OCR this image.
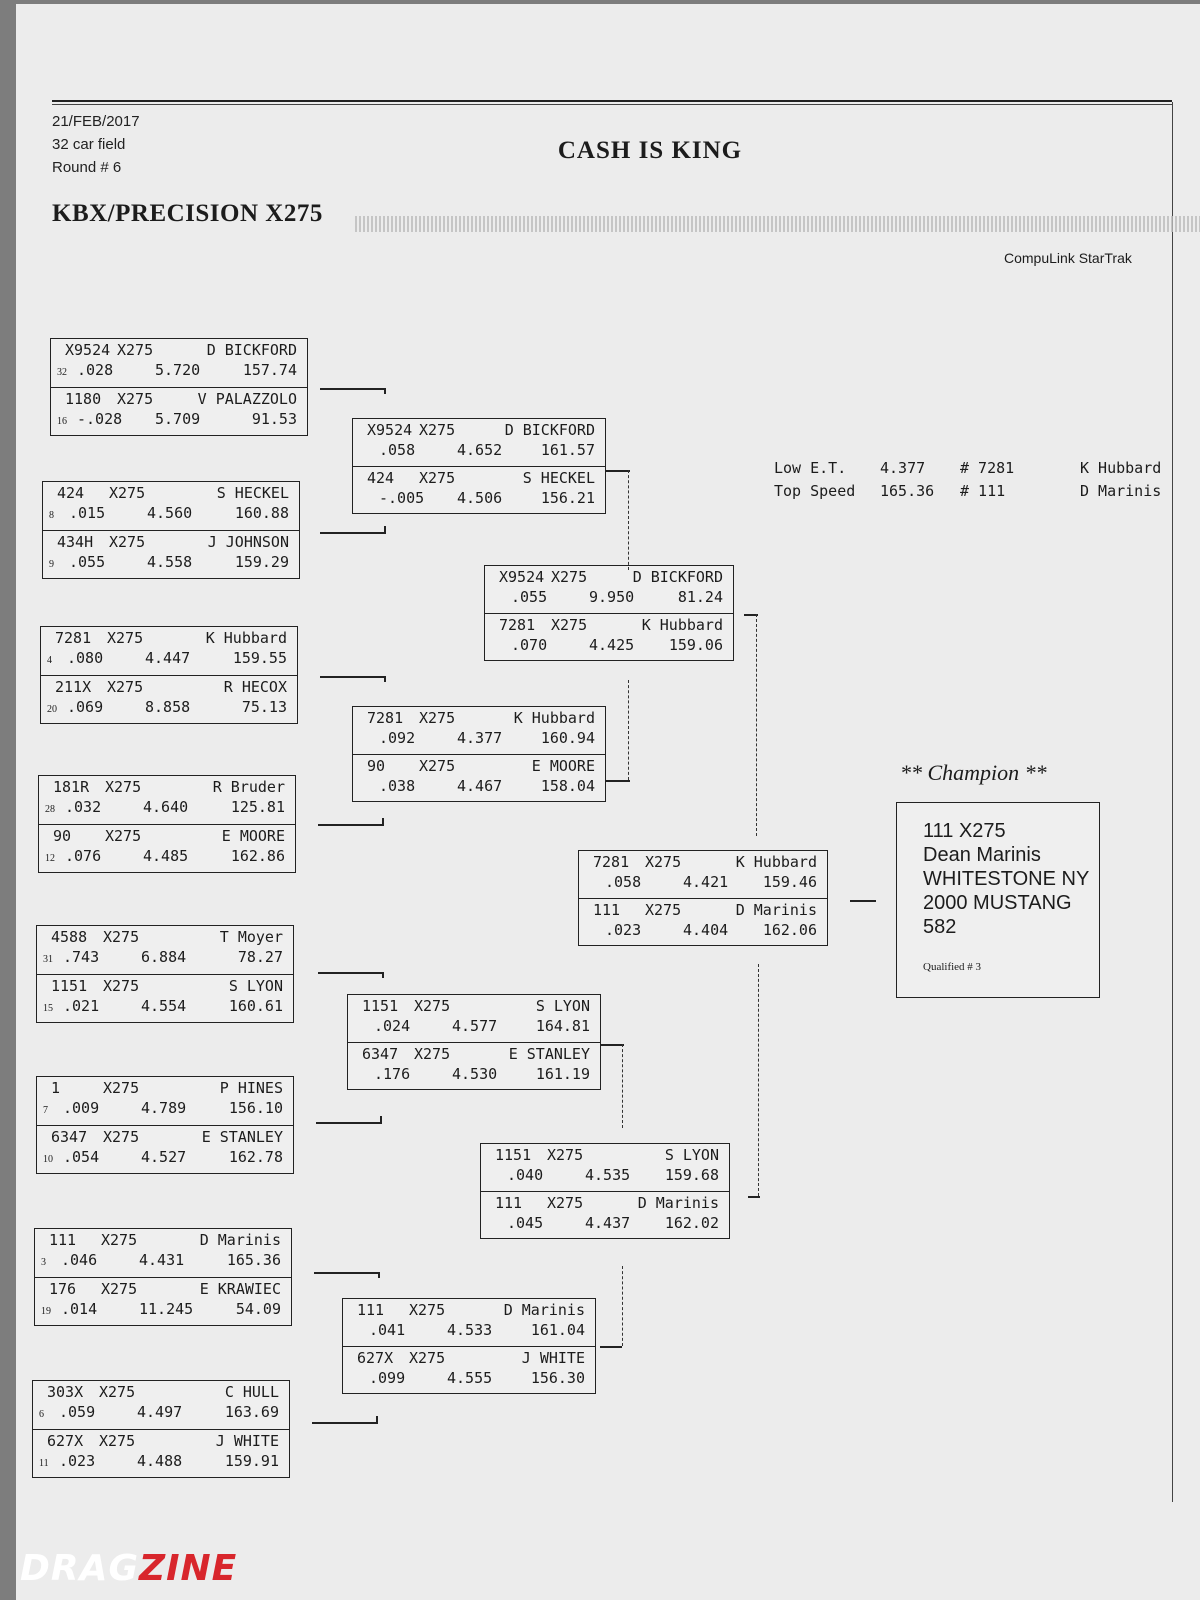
21/FEB/2017
32 car field
Round # 6
CASH IS KING
KBX/PRECISION X275
CompuLink StarTrak
X9524 X275	D BICKFORD
32 .028	5.720	157.74
1180 X275	V PALAZZOLO
16 -.028 5.709	91.53
424 X275	S HECKEL
8 .015	4.560	160.88
434H X275	J JOHNSON
9 .055	4.558	159.29
7281 X275	K Hubbard
4 .080	4.447	159.55
211X X275	R HECOX
20 .069	8.858	75.13
181R X275	R Bruder
28 .032	4.640	125.81
90 X275	E MOORE
12 .076	4.485	162.86
4588 X275	T Moyer
31 .743	6.884	78.27
1151 X275	S LYON
15 .021	4.554	160.61
1	X275	P HINES
7 .009	4.789	156.10
6347 X275	E STANLEY
10 .054	4.527	162.78
111 X275	D Marinis
3 .046	4.431	165.36
176 X275	E KRAWIEC
19 .014	11.245	54.09
303X X275	C HULL
6 .059	4.497	163.69
627X X275	J WHITE
11 .023	4.488	159.91
X9524 X275	D BICKFORD
.058	4.652	161.57
424 X275	S HECKEL
-.005 4.506	156.21
7281 X275	K Hubbard
.092	4.377	160.94
90 X275	E MOORE
.038	4.467	158.04
1151 X275	S LYON
.024	4.577	164.81
6347 X275	E STANLEY
.176	4.530	161.19
111 X275	D Marinis
.041	4.533	161.04
627X X275	J WHITE
.099	4.555	156.30
X9524 X275	D BICKFORD
.055	9.950	81.24
7281 X275	K Hubbard
.070	4.425 159.06
1151 X275	S LYON
.040	4.535 159.68
111 X275	D Marinis
.045	4.437 162.02
7281 X275	K Hubbard
.058	4.421 159.46
111 X275	D Marinis
.023	4.404 162.06
Low E.T. 4.377 # 7281	K Hubbard
Top Speed 165.36 # 111	D Marinis
** Champion **
111 X275
Dean Marinis
WHITESTONE NY
2000 MUSTANG
582
Qualified # 3
DRAGZINE
